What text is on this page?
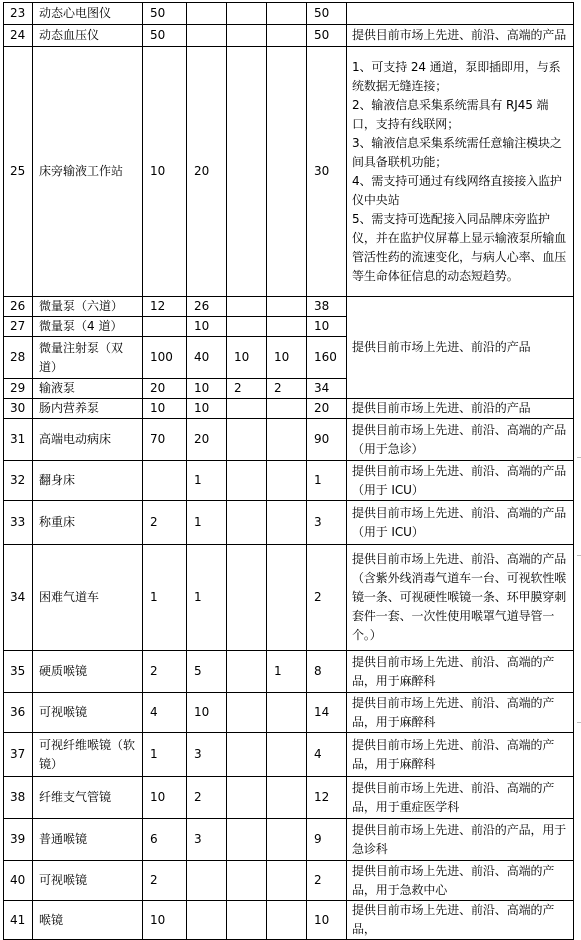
23	动态心电图仪	50				50	
24	动态血压仪	50				50	提供目前市场上先进、前沿、高端的产品
25	床旁输液工作站	10	20			30	1、可支持 24 通道，泵即插即用，与系统数据无缝连接；
2、输液信息采集系统需具有 RJ45 端口，支持有线联网；
3、输液信息采集系统需任意输注模块之间具备联机功能；
4、需支持可通过有线网络直接接入监护仪中央站
5、需支持可选配接入同品牌床旁监护仪，并在监护仪屏幕上显示输液泵所输血管活性药的流速变化，与病人心率、血压等生命体征信息的动态短趋势。
26	微量泵（六道）	12	26			38	提供目前市场上先进、前沿的产品
27	微量泵（4 道）		10			10	
28	微量注射泵（双道）	100	40	10	10	160	
29	输液泵	20	10	2	2	34	
30	肠内营养泵	10	10			20	提供目前市场上先进、前沿的产品
31	高端电动病床	70	20			90	提供目前市场上先进、前沿、高端的产品（用于急诊）
32	翻身床		1			1	提供目前市场上先进、前沿、高端的产品（用于 ICU）
33	称重床	2	1			3	提供目前市场上先进、前沿、高端的产品（用于 ICU）
34	困难气道车	1	1			2	提供目前市场上先进、前沿、高端的产品（含紫外线消毒气道车一台、可视软性喉镜一条、可视硬性喉镜一条、环甲膜穿刺套件一套、一次性使用喉罩气道导管一个。）
35	硬质喉镜	2	5		1	8	提供目前市场上先进、前沿、高端的产品，用于麻醉科
36	可视喉镜	4	10			14	提供目前市场上先进、前沿、高端的产品，用于麻醉科
37	可视纤维喉镜（软镜）	1	3			4	提供目前市场上先进、前沿、高端的产品，用于麻醉科
38	纤维支气管镜	10	2			12	提供目前市场上先进、前沿、高端的产品，用于重症医学科
39	普通喉镜	6	3			9	提供目前市场上先进、前沿的产品，用于急诊科
40	可视喉镜	2				2	提供目前市场上先进、前沿、高端的产品，用于急救中心
41	喉镜	10				10	提供目前市场上先进、前沿、高端的产品，
